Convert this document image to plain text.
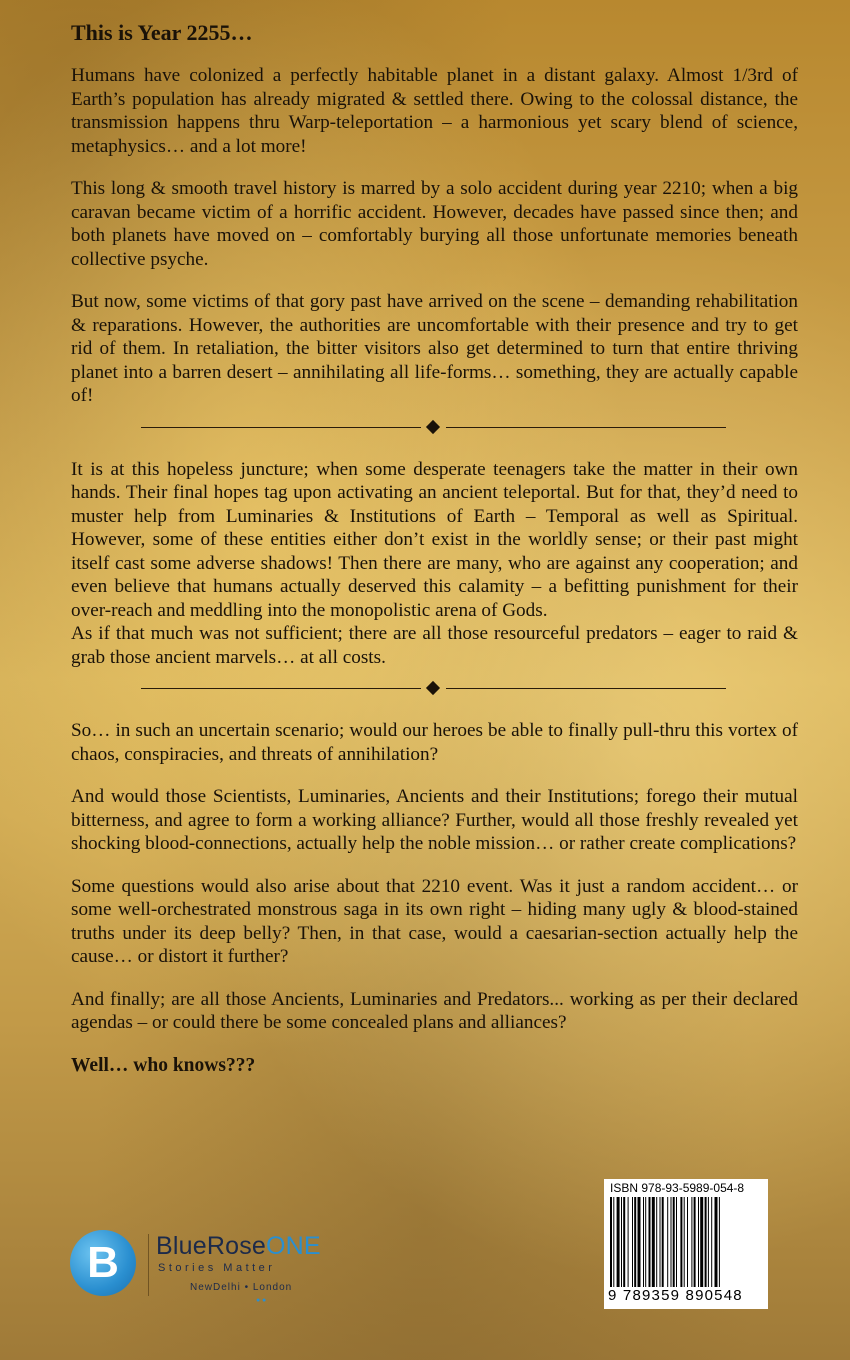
This is Year 2255…

Humans have colonized a perfectly habitable planet in a distant galaxy. Almost 1/3rd of Earth’s population has already migrated & settled there. Owing to the colossal distance, the transmission happens thru Warp-teleportation – a harmonious yet scary blend of science, metaphysics… and a lot more!

This long & smooth travel history is marred by a solo accident during year 2210; when a big caravan became victim of a horrific accident. However, decades have passed since then; and both planets have moved on – comfortably burying all those unfortunate memories beneath collective psyche.

But now, some victims of that gory past have arrived on the scene – demanding rehabilitation & reparations. However, the authorities are uncomfortable with their presence and try to get rid of them. In retaliation, the bitter visitors also get determined to turn that entire thriving planet into a barren desert – annihilating all life-forms… something, they are actually capable of!

It is at this hopeless juncture; when some desperate teenagers take the matter in their own hands. Their final hopes tag upon activating an ancient teleportal. But for that, they’d need to muster help from Luminaries & Institutions of Earth – Temporal as well as Spiritual. However, some of these entities either don’t exist in the worldly sense; or their past might itself cast some adverse shadows! Then there are many, who are against any cooperation; and even believe that humans actually deserved this calamity – a befitting punishment for their over-reach and meddling into the monopolistic arena of Gods.

As if that much was not sufficient; there are all those resourceful predators – eager to raid & grab those ancient marvels… at all costs.

So… in such an uncertain scenario; would our heroes be able to finally pull-thru this vortex of chaos, conspiracies, and threats of annihilation?

And would those Scientists, Luminaries, Ancients and their Institutions; forego their mutual bitterness, and agree to form a working alliance? Further, would all those freshly revealed yet shocking blood-connections, actually help the noble mission… or rather create complications?

Some questions would also arise about that 2210 event. Was it just a random accident… or some well-orchestrated monstrous saga in its own right – hiding many ugly & blood-stained truths under its deep belly? Then, in that case, would a caesarian-section actually help the cause… or distort it further?

And finally; are all those Ancients, Luminaries and Predators... working as per their declared agendas – or could there be some concealed plans and alliances?

Well… who knows???
B BlueRoseONE
Stories Matter
NewDelhi • London
● ●
ISBN 978-93-5989-054-8
9 789359 890548
